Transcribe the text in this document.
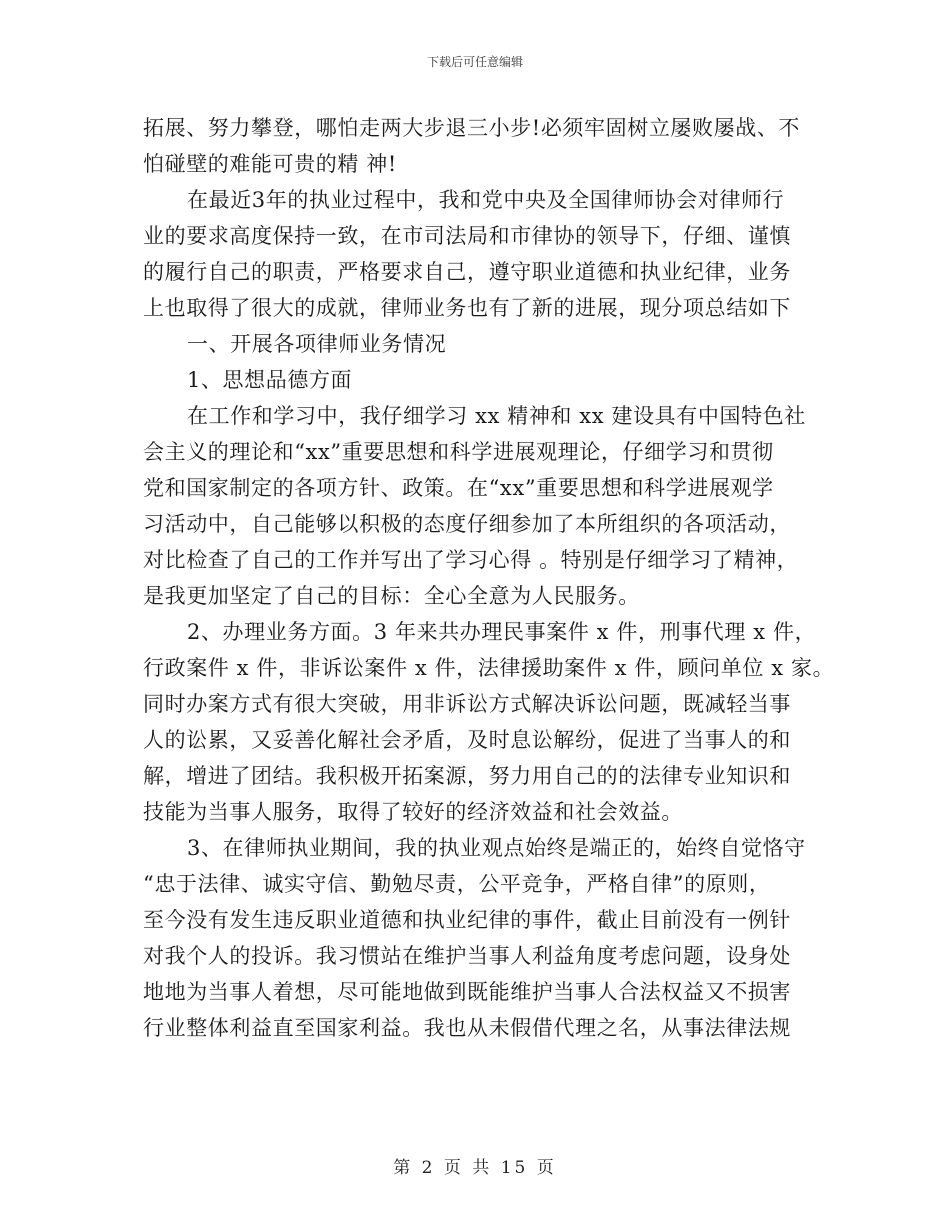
下载后可任意编辑
拓展、努力攀登，哪怕走两大步退三小步!必须牢固树立屡败屡战、不
怕碰壁的难能可贵的精 神!
在最近3年的执业过程中，我和党中央及全国律师协会对律师行
业的要求高度保持一致，在市司法局和市律协的领导下，仔细、谨慎
的履行自己的职责，严格要求自己，遵守职业道德和执业纪律，业务
上也取得了很大的成就，律师业务也有了新的进展，现分项总结如下
一、开展各项律师业务情况
1、思想品德方面
在工作和学习中，我仔细学习 xx 精神和 xx 建设具有中国特色社
会主义的理论和“xx”重要思想和科学进展观理论，仔细学习和贯彻
党和国家制定的各项方针、政策。在“xx”重要思想和科学进展观学
习活动中，自己能够以积极的态度仔细参加了本所组织的各项活动，
对比检查了自己的工作并写出了学习心得 。特别是仔细学习了精神，
是我更加坚定了自己的目标：全心全意为人民服务。
2、办理业务方面。3 年来共办理民事案件 x 件，刑事代理 x 件，
行政案件 x 件，非诉讼案件 x 件，法律援助案件 x 件，顾问单位 x 家。
同时办案方式有很大突破，用非诉讼方式解决诉讼问题，既减轻当事
人的讼累，又妥善化解社会矛盾，及时息讼解纷，促进了当事人的和
解，增进了团结。我积极开拓案源，努力用自己的的法律专业知识和
技能为当事人服务，取得了较好的经济效益和社会效益。
3、在律师执业期间，我的执业观点始终是端正的，始终自觉恪守
“忠于法律、诚实守信、勤勉尽责，公平竞争，严格自律”的原则，
至今没有发生违反职业道德和执业纪律的事件，截止目前没有一例针
对我个人的投诉。我习惯站在维护当事人利益角度考虑问题，设身处
地地为当事人着想，尽可能地做到既能维护当事人合法权益又不损害
行业整体利益直至国家利益。我也从未假借代理之名，从事法律法规
第 2 页 共 15 页
